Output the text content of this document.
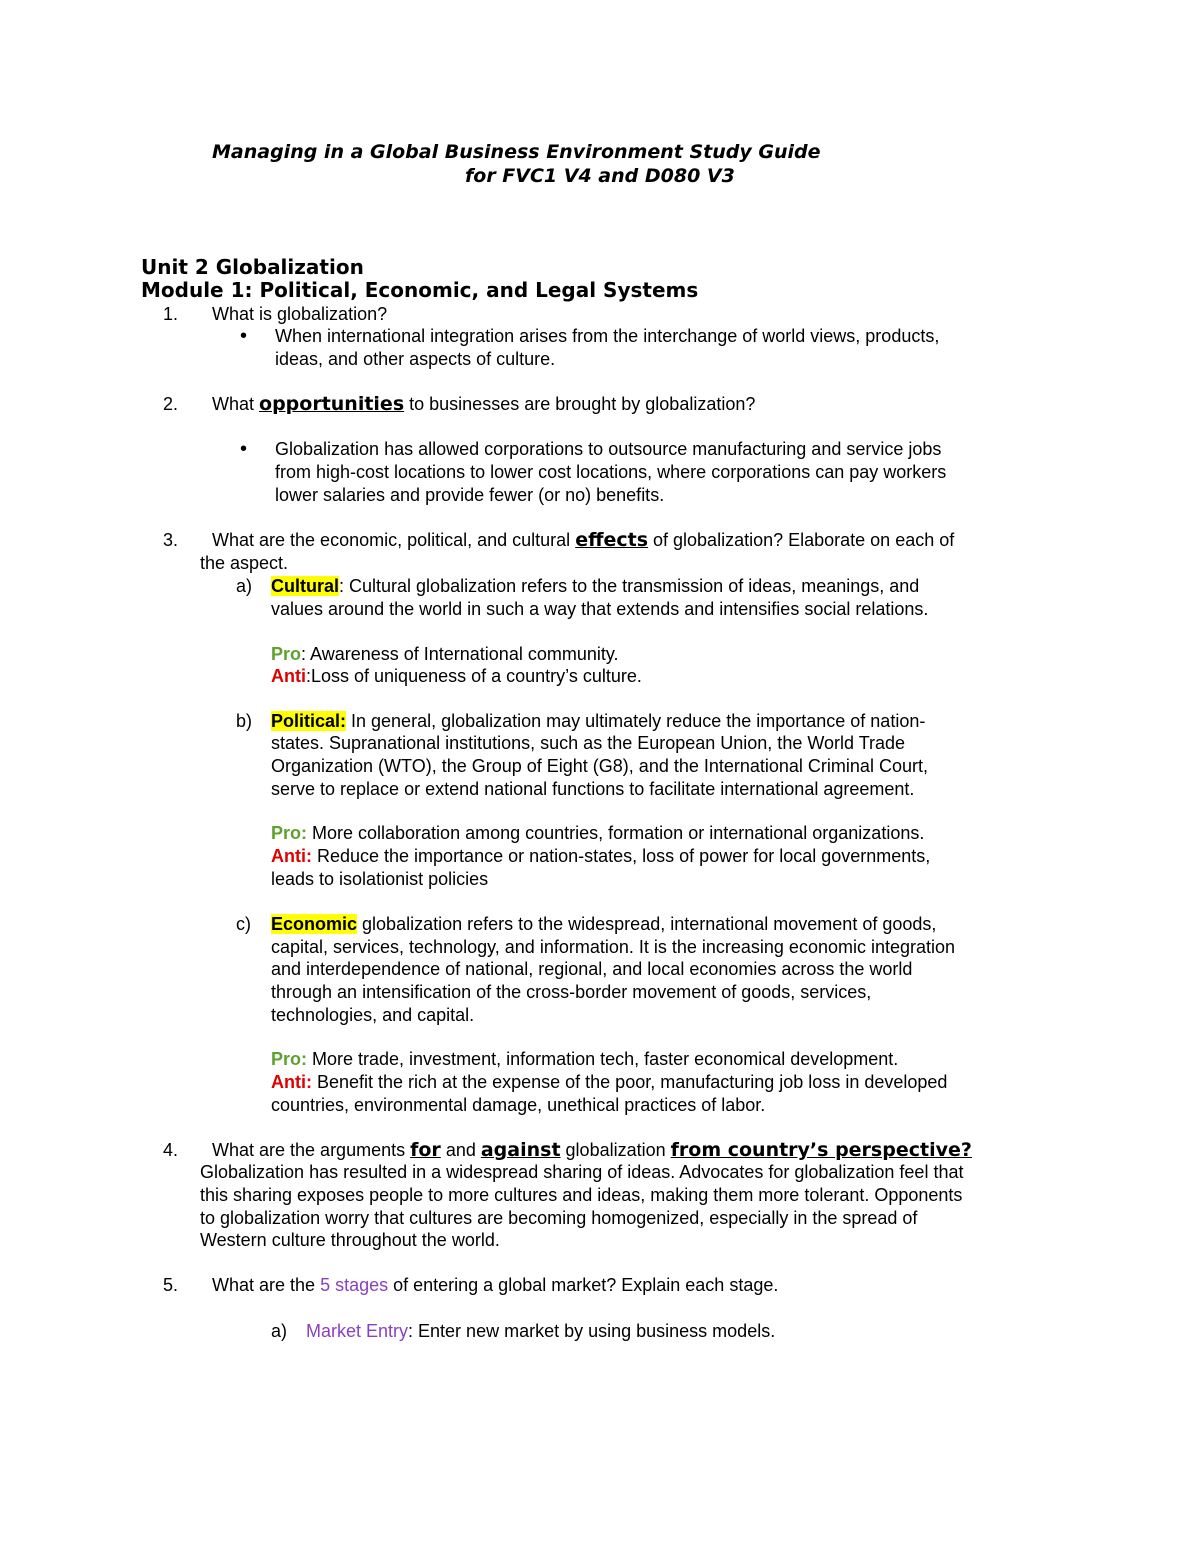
Managing in a Global Business Environment Study Guide
for FVC1 V4 and D080 V3
Unit 2 Globalization
Module 1: Political, Economic, and Legal Systems
1. What is globalization?
• When international integration arises from the interchange of world views, products,
ideas, and other aspects of culture.
2. What opportunities to businesses are brought by globalization?
• Globalization has allowed corporations to outsource manufacturing and service jobs
from high-cost locations to lower cost locations, where corporations can pay workers
lower salaries and provide fewer (or no) benefits.
3. What are the economic, political, and cultural effects of globalization? Elaborate on each of
the aspect.
a) Cultural: Cultural globalization refers to the transmission of ideas, meanings, and
values around the world in such a way that extends and intensifies social relations.
Pro: Awareness of International community.
Anti:Loss of uniqueness of a country’s culture.
b) Political: In general, globalization may ultimately reduce the importance of nation-
states. Supranational institutions, such as the European Union, the World Trade
Organization (WTO), the Group of Eight (G8), and the International Criminal Court,
serve to replace or extend national functions to facilitate international agreement.
Pro: More collaboration among countries, formation or international organizations.
Anti: Reduce the importance or nation-states, loss of power for local governments,
leads to isolationist policies
c) Economic globalization refers to the widespread, international movement of goods,
capital, services, technology, and information. It is the increasing economic integration
and interdependence of national, regional, and local economies across the world
through an intensification of the cross-border movement of goods, services,
technologies, and capital.
Pro: More trade, investment, information tech, faster economical development.
Anti: Benefit the rich at the expense of the poor, manufacturing job loss in developed
countries, environmental damage, unethical practices of labor.
4. What are the arguments for and against globalization from country’s perspective?
Globalization has resulted in a widespread sharing of ideas. Advocates for globalization feel that
this sharing exposes people to more cultures and ideas, making them more tolerant. Opponents
to globalization worry that cultures are becoming homogenized, especially in the spread of
Western culture throughout the world.
5. What are the 5 stages of entering a global market? Explain each stage.
a) Market Entry: Enter new market by using business models.
